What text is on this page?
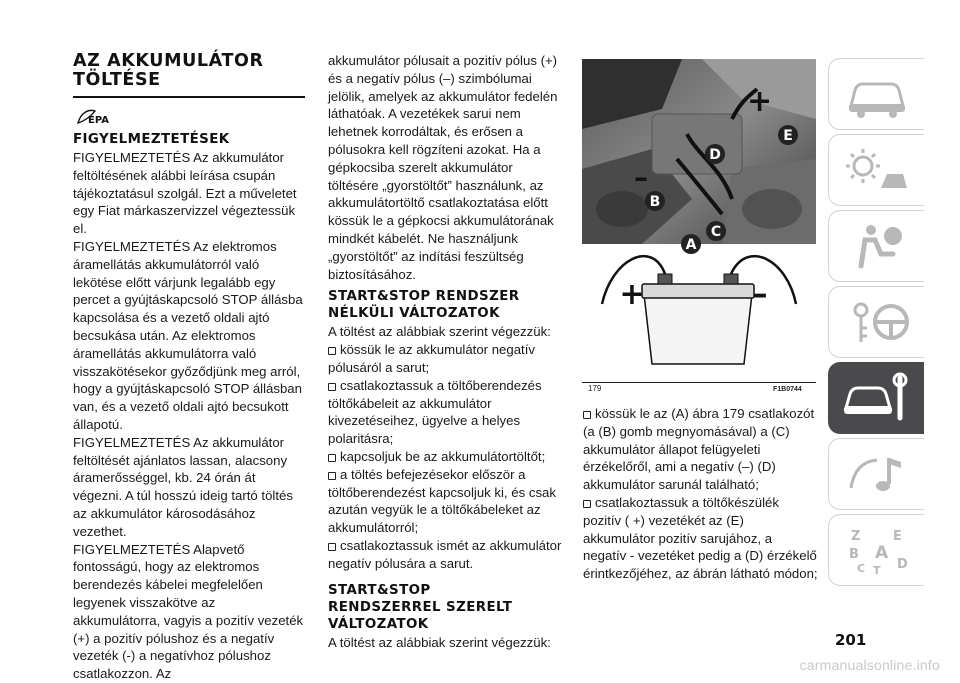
AZ AKKUMULÁTOR
TÖLTÉSE
EPA
FIGYELMEZTETÉSEK

FIGYELMEZTETÉS Az akkumulátor feltöltésének alábbi leírása csupán tájékoztatásul szolgál. Ezt a műveletet egy Fiat márkaszervizzel végeztessük el.

FIGYELMEZTETÉS Az elektromos áramellátás akkumulátorról való lekötése előtt várjunk legalább egy percet a gyújtáskapcsoló STOP állásba kapcsolása és a vezető oldali ajtó becsukása után. Az elektromos áramellátás akkumulátorra való visszakötésekor győződjünk meg arról, hogy a gyújtáskapcsoló STOP állásban van, és a vezető oldali ajtó becsukott állapotú.

FIGYELMEZTETÉS Az akkumulátor feltöltését ajánlatos lassan, alacsony áramerősséggel, kb. 24 órán át végezni. A túl hosszú ideig tartó töltés az akkumulátor károsodásához vezethet.

FIGYELMEZTETÉS Alapvető fontosságú, hogy az elektromos berendezés kábelei megfelelően legyenek visszakötve az akkumulátorra, vagyis a pozitív vezeték (+) a pozitív pólushoz és a negatív vezeték (-) a negatívhoz pólushoz csatlakozzon. Az

akkumulátor pólusait a pozitív pólus (+) és a negatív pólus (–) szimbólumai jelölik, amelyek az akkumulátor fedelén láthatóak. A vezetékek sarui nem lehetnek korrodáltak, és erősen a pólusokra kell rögzíteni azokat. Ha a gépkocsiba szerelt akkumulátor töltésére „gyorstöltőt” használunk, az akkumulátortöltő csatlakoztatása előtt kössük le a gépkocsi akkumulátorának mindkét kábelét. Ne használjunk „gyorstöltőt” az indítási feszültség biztosításához.

START&STOP RENDSZER
NÉLKÜLI VÁLTOZATOK

A töltést az alábbiak szerint végezzük:

kössük le az akkumulátor negatív pólusáról a sarut;

csatlakoztassuk a töltőberendezés töltőkábeleit az akkumulátor kivezetéseihez, ügyelve a helyes polaritásra;

kapcsoljuk be az akkumulátortöltőt;

a töltés befejezésekor először a töltőberendezést kapcsoljuk ki, és csak azután vegyük le a töltőkábeleket az akkumulátorról;

csatlakoztassuk ismét az akkumulátor negatív pólusára a sarut.

START&STOP
RENDSZERREL SZERELT
VÁLTOZATOK

A töltést az alábbiak szerint végezzük:

+
–
A
B
C
D
E
+	–
179	F1B0744

kössük le az (A) ábra 179 csatlakozót (a (B) gomb megnyomásával) a (C) akkumulátor állapot felügyeleti érzékelőről, ami a negatív (–) (D) akkumulátor sarunál található;

csatlakoztassuk a töltőkészülék pozitív ( +) vezetékét az (E) akkumulátor pozitív sarujához, a negatív - vezetéket pedig a (D) érzékelő érintkezőjéhez, az ábrán látható módon;

Z	E
B A
C T D
201
carmanualsonline.info
